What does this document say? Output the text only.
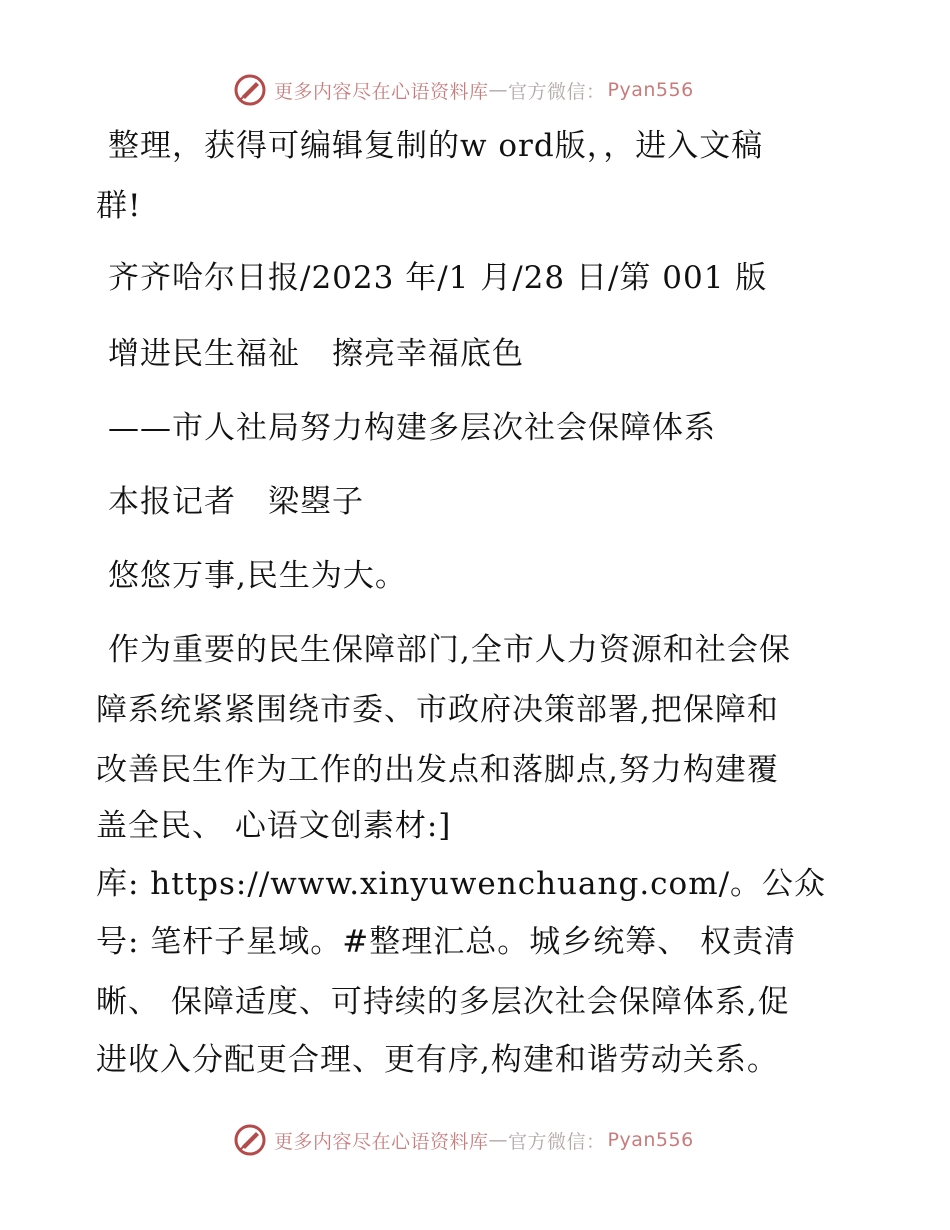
更多内容尽在心语资料库 — 官方微信： Pyan556
整理，获得可编辑复制的w ord版，，进入文稿
群!
齐齐哈尔日报/2023 年/1 月/28 日/第 001 版
增进民生福祉　擦亮幸福底色
——市人社局努力构建多层次社会保障体系
本报记者　梁曌子
悠悠万事,民生为大。
作为重要的民生保障部门,全市人力资源和社会保
障系统紧紧围绕市委、市政府决策部署,把保障和
改善民生作为工作的出发点和落脚点,努力构建覆
盖全民、 心语文创素材:]
库: https://www.xinyuwenchuang.com/。公众
号: 笔杆子星域。#整理汇总。城乡统筹、 权责清
晰、 保障适度、可持续的多层次社会保障体系,促
进收入分配更合理、更有序,构建和谐劳动关系。
更多内容尽在心语资料库 — 官方微信： Pyan556
